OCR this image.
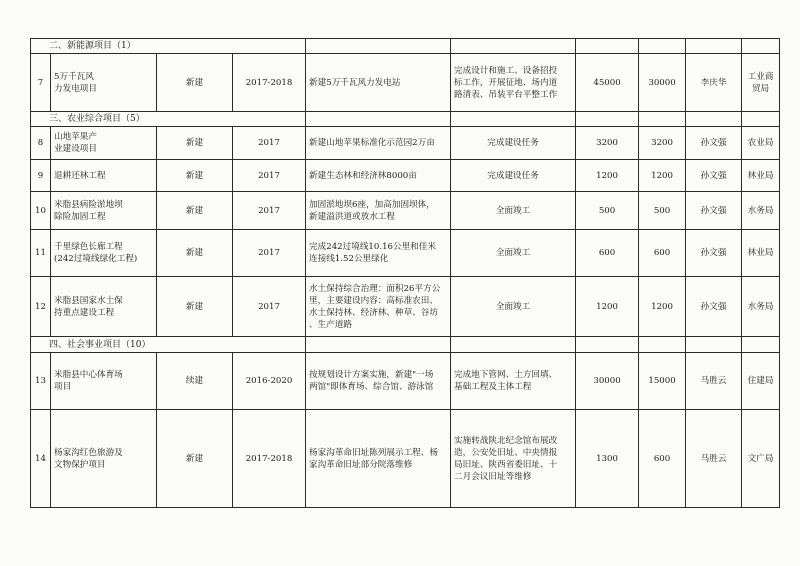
二、新能源项目（1）									
7	5万千瓦风
力发电项目	新建	2017-2018	新建5万千瓦风力发电站	完成设计和施工、设备招投
标工作，开展征地、场内道
路清表、吊装平台平整工作	45000	30000	李庆华	工业商
贸局
三、农业综合项目（5）									
8	山地苹果产
业建设项目	新建	2017	新建山地苹果标准化示范园2万亩	完成建设任务	3200	3200	孙文强	农业局
9	退耕还林工程	新建	2017	新建生态林和经济林8000亩	完成建设任务	1200	1200	孙文强	林业局
10	米脂县病险淤地坝
除险加固工程	新建	2017	加固淤地坝6座，加高加固坝体，
新建溢洪道或放水工程	全面竣工	500	500	孙文强	水务局
11	千里绿色长廊工程
(242过境线绿化工程)	新建	2017	完成242过境线10.16公里和佳米
连接线1.52公里绿化	全面竣工	600	600	孙文强	林业局
12	米脂县国家水土保
持重点建设工程	新建	2017	水土保持综合治理：面积26平方公
里，主要建设内容：高标准农田、
水土保持林、经济林、种草、谷坊
、生产道路	全面竣工	1200	1200	孙文强	水务局
四、社会事业项目（10）									
13	米脂县中心体育场
项目	续建	2016-2020	按规划设计方案实施，新建"一场
两馆"即体育场、综合馆、游泳馆	完成地下管网、土方回填、
基础工程及主体工程	30000	15000	马胜云	住建局
14	杨家沟红色旅游及
文物保护项目	新建	2017-2018	杨家沟革命旧址陈列展示工程、杨
家沟革命旧址部分院落维修	实施转战陕北纪念馆布展改
造，公安处旧址、中央情报
局旧址、陕西省委旧址、十
二月会议旧址等维修	1300	600	马胜云	文广局
